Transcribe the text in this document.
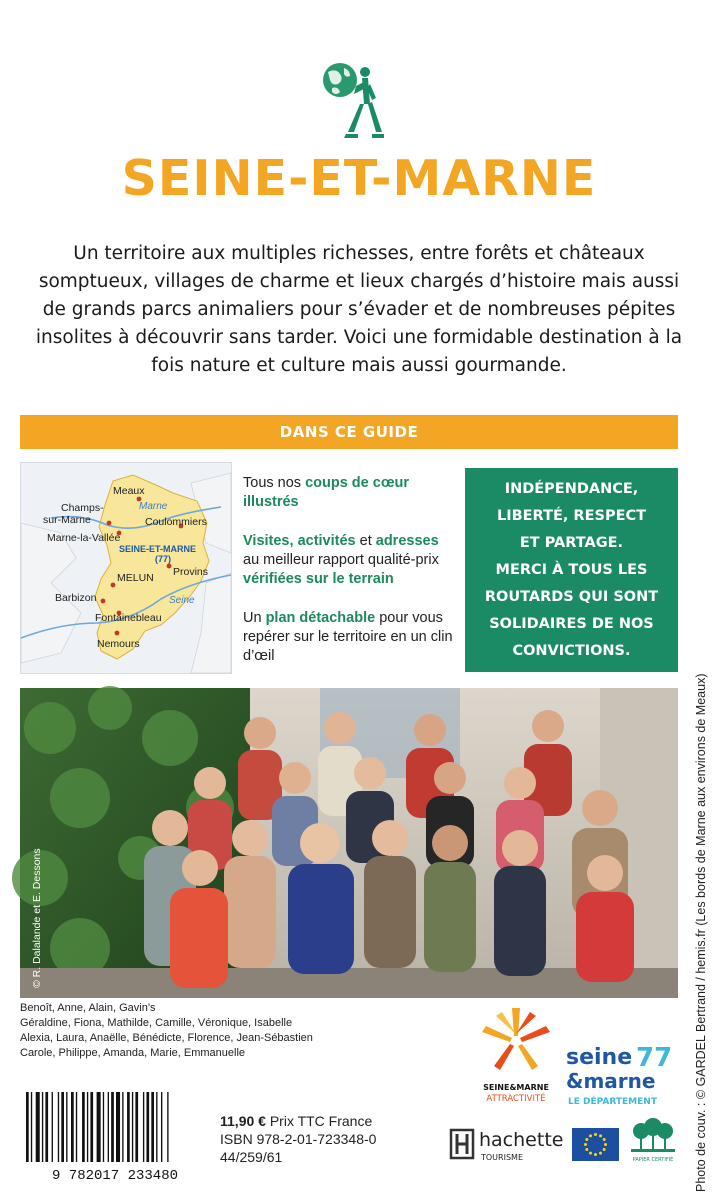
SEINE-ET-MARNE
Un territoire aux multiples richesses, entre forêts et châteaux somptueux, villages de charme et lieux chargés d’histoire mais aussi de grands parcs animaliers pour s’évader et de nombreuses pépites insolites à découvrir sans tarder. Voici une formidable destination à la fois nature et culture mais aussi gourmande.
DANS CE GUIDE
Marne
Seine
Meaux
Champs-
sur-Marne
Marne-la-Vallée
Coulommiers
SEINE-ET-MARNE
(77)
MELUN Provins
Barbizon
Fontainebleau
Nemours
Tous nos coups de cœur illustrés
Visites, activités et adresses au meilleur rapport qualité-prix vérifiées sur le terrain
Un plan détachable pour vous repérer sur le territoire en un clin d’œil
INDÉPENDANCE,
LIBERTÉ, RESPECT
ET PARTAGE.
MERCI À TOUS LES
ROUTARDS QUI SONT
SOLIDAIRES DE NOS
CONVICTIONS.
© R. Dalalande et E. Dessons
Benoît, Anne, Alain, Gavin’s
Géraldine, Fiona, Mathilde, Camille, Véronique, Isabelle
Alexia, Laura, Anaëlle, Bénédicte, Florence, Jean-Sébastien
Carole, Philippe, Amanda, Marie, Emmanuelle
9 782017 233480
11,90 € Prix TTC France
ISBN 978-2-01-723348-0
44/259/61
SEINE&MARNE
ATTRACTIVITÉ
seine
&marne
77
LE DÉPARTEMENT
hachette
TOURISME	PAPIER CERTIFIÉ Photo de couv. : © GARDEL Bertrand / hemis.fr (Les bords de Marne aux environs de Meaux)
